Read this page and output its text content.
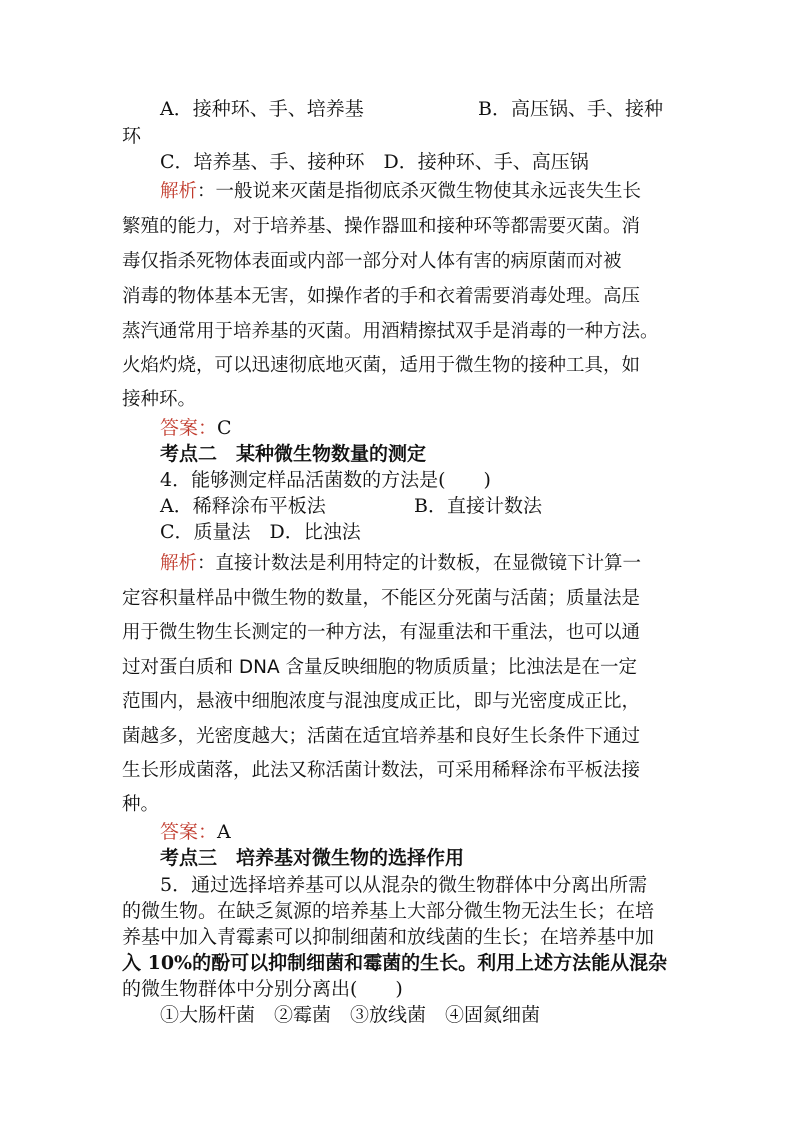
A．接种环、手、培养基	B．高压锅、手、接种
环
C．培养基、手、接种环　D．接种环、手、高压锅
解析：一般说来灭菌是指彻底杀灭微生物使其永远丧失生长
繁殖的能力，对于培养基、操作器皿和接种环等都需要灭菌。消
毒仅指杀死物体表面或内部一部分对人体有害的病原菌而对被
消毒的物体基本无害，如操作者的手和衣着需要消毒处理。高压
蒸汽通常用于培养基的灭菌。用酒精擦拭双手是消毒的一种方法。
火焰灼烧，可以迅速彻底地灭菌，适用于微生物的接种工具，如
接种环。
答案：C
考点二　某种微生物数量的测定
4．能够测定样品活菌数的方法是(　　)
A．稀释涂布平板法	B．直接计数法
C．质量法　D．比浊法
解析：直接计数法是利用特定的计数板，在显微镜下计算一
定容积量样品中微生物的数量，不能区分死菌与活菌；质量法是
用于微生物生长测定的一种方法，有湿重法和干重法，也可以通
过对蛋白质和 DNA 含量反映细胞的物质质量；比浊法是在一定
范围内，悬液中细胞浓度与混浊度成正比，即与光密度成正比，
菌越多，光密度越大；活菌在适宜培养基和良好生长条件下通过
生长形成菌落，此法又称活菌计数法，可采用稀释涂布平板法接
种。
答案：A
考点三　培养基对微生物的选择作用
5．通过选择培养基可以从混杂的微生物群体中分离出所需
的微生物。在缺乏氮源的培养基上大部分微生物无法生长；在培
养基中加入青霉素可以抑制细菌和放线菌的生长；在培养基中加
入 10%的酚可以抑制细菌和霉菌的生长。利用上述方法能从混杂
的微生物群体中分别分离出(　　)
①大肠杆菌　②霉菌　③放线菌　④固氮细菌
